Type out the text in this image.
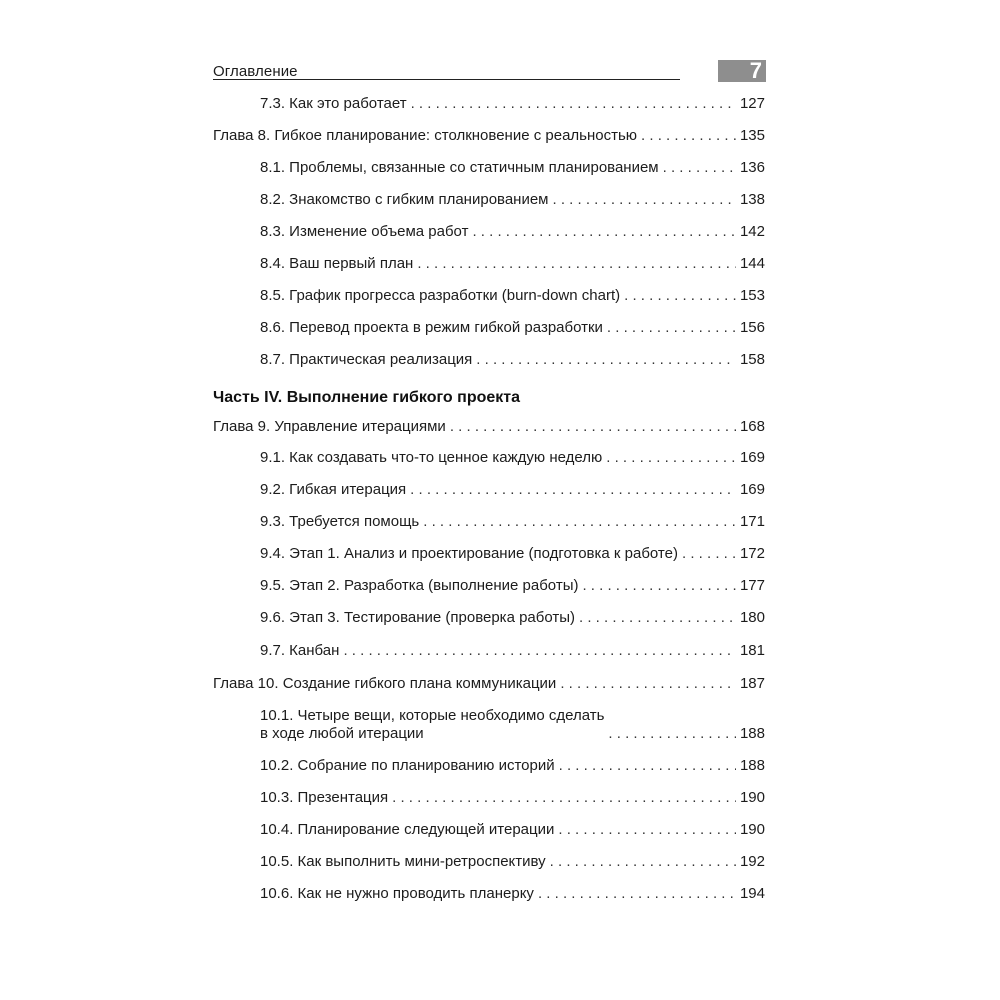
Оглавление	7
7.3. Как это работает . . .	127
Глава 8. Гибкое планирование: столкновение с реальностью . . .	135
8.1. Проблемы, связанные со статичным планированием . . .	136
8.2. Знакомство с гибким планированием . . .	138
8.3. Изменение объема работ . . .	142
8.4. Ваш первый план . . .	144
8.5. График прогресса разработки (burn-down chart) . . .	153
8.6. Перевод проекта в режим гибкой разработки . . .	156
8.7. Практическая реализация . . .	158
Часть IV. Выполнение гибкого проекта
Глава 9. Управление итерациями . . .	168
9.1. Как создавать что-то ценное каждую неделю . . .	169
9.2. Гибкая итерация . . .	169
9.3. Требуется помощь . . .	171
9.4. Этап 1. Анализ и проектирование (подготовка к работе) . . .	172
9.5. Этап 2. Разработка (выполнение работы) . . .	177
9.6. Этап 3. Тестирование (проверка работы) . . .	180
9.7. Канбан . . .	181
Глава 10. Создание гибкого плана коммуникации . . .	187
10.1. Четыре вещи, которые необходимо сделать
в ходе любой итерации . . .	188
10.2. Собрание по планированию историй . . .	188
10.3. Презентация . . .	190
10.4. Планирование следующей итерации . . .	190
10.5. Как выполнить мини-ретроспективу . . .	192
10.6. Как не нужно проводить планерку . . .	194
